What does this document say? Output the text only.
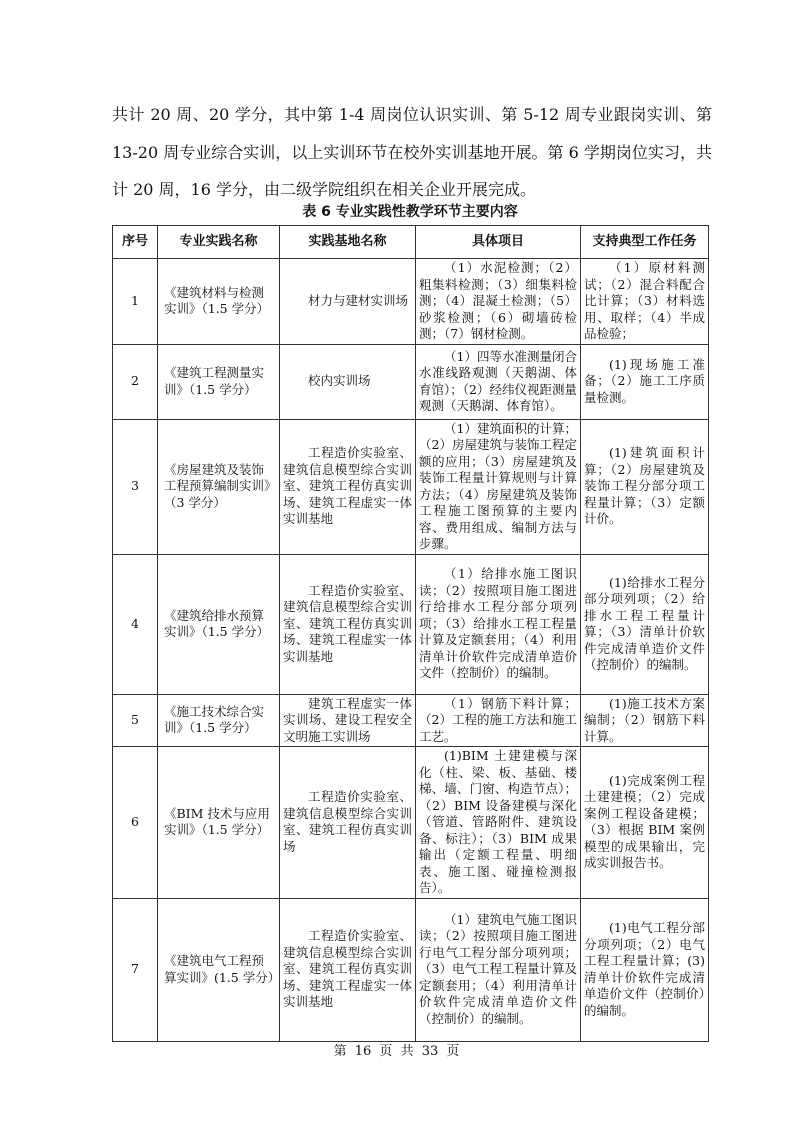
共计 20 周、20 学分，其中第 1-4 周岗位认识实训、第 5-12 周专业跟岗实训、第 13-20 周专业综合实训，以上实训环节在校外实训基地开展。第 6 学期岗位实习，共计 20 周，16 学分，由二级学院组织在相关企业开展完成。
表 6 专业实践性教学环节主要内容
序号	专业实践名称	实践基地名称	具体项目	支持典型工作任务
1	《建筑材料与检测实训》（1.5 学分）	材力与建材实训场	（1）水泥检测；（2）粗集料检测；（3）细集料检测；（4）混凝土检测；（5）砂浆检测；（6）砌墙砖检测；（7）钢材检测。	（1）原材料测试；（2）混合料配合比计算；（3）材料选用、取样；（4）半成品检验；
2	《建筑工程测量实训》（1.5 学分）	校内实训场	（1）四等水准测量闭合水准线路观测（天鹅湖、体育馆）；（2）经纬仪视距测量观测（天鹅湖、体育馆）。	(1)现场施工准备；（2）施工工序质量检测。
3	《房屋建筑及装饰工程预算编制实训》（3 学分）	工程造价实验室、建筑信息模型综合实训室、建筑工程仿真实训场、建筑工程虚实一体实训基地	（1）建筑面积的计算；（2）房屋建筑与装饰工程定额的应用；（3）房屋建筑及装饰工程量计算规则与计算方法；（4）房屋建筑及装饰工程施工图预算的主要内容、费用组成、编制方法与步骤。	(1)建筑面积计算；（2）房屋建筑及装饰工程分部分项工程量计算；（3）定额计价。
4	《建筑给排水预算实训》（1.5 学分）	工程造价实验室、建筑信息模型综合实训室、建筑工程仿真实训场、建筑工程虚实一体实训基地	（1）给排水施工图识读；（2）按照项目施工图进行给排水工程分部分项列项；（3）给排水工程工程量计算及定额套用；（4）利用清单计价软件完成清单造价文件（控制价）的编制。	(1)给排水工程分部分项列项；（2）给排水工程工程量计算；（3）清单计价软件完成清单造价文件（控制价）的编制。
5	《施工技术综合实训》（1.5 学分）	建筑工程虚实一体实训场、建设工程安全文明施工实训场	（1）钢筋下料计算；（2）工程的施工方法和施工工艺。	(1)施工技术方案编制；（2）钢筋下料计算。
6	《BIM 技术与应用实训》（1.5 学分）	工程造价实验室、建筑信息模型综合实训室、建筑工程仿真实训场	(1)BIM 土建建模与深化（柱、梁、板、基础、楼梯、墙、门窗、构造节点）；（2）BIM 设备建模与深化（管道、管路附件、建筑设备、标注）；（3）BIM 成果输出（定额工程量、明细表、施工图、碰撞检测报告）。	(1)完成案例工程土建建模；（2）完成案例工程设备建模；（3）根据 BIM 案例模型的成果输出，完成实训报告书。
7	《建筑电气工程预算实训》(1.5 学分）	工程造价实验室、建筑信息模型综合实训室、建筑工程仿真实训场、建筑工程虚实一体实训基地	（1）建筑电气施工图识读；（2）按照项目施工图进行电气工程分部分项列项；（3）电气工程工程量计算及定额套用；（4）利用清单计价软件完成清单造价文件（控制价）的编制。	(1)电气工程分部分项列项；（2）电气工程工程量计算；(3)清单计价软件完成清单造价文件（控制价）的编制。
第 16 页 共 33 页
